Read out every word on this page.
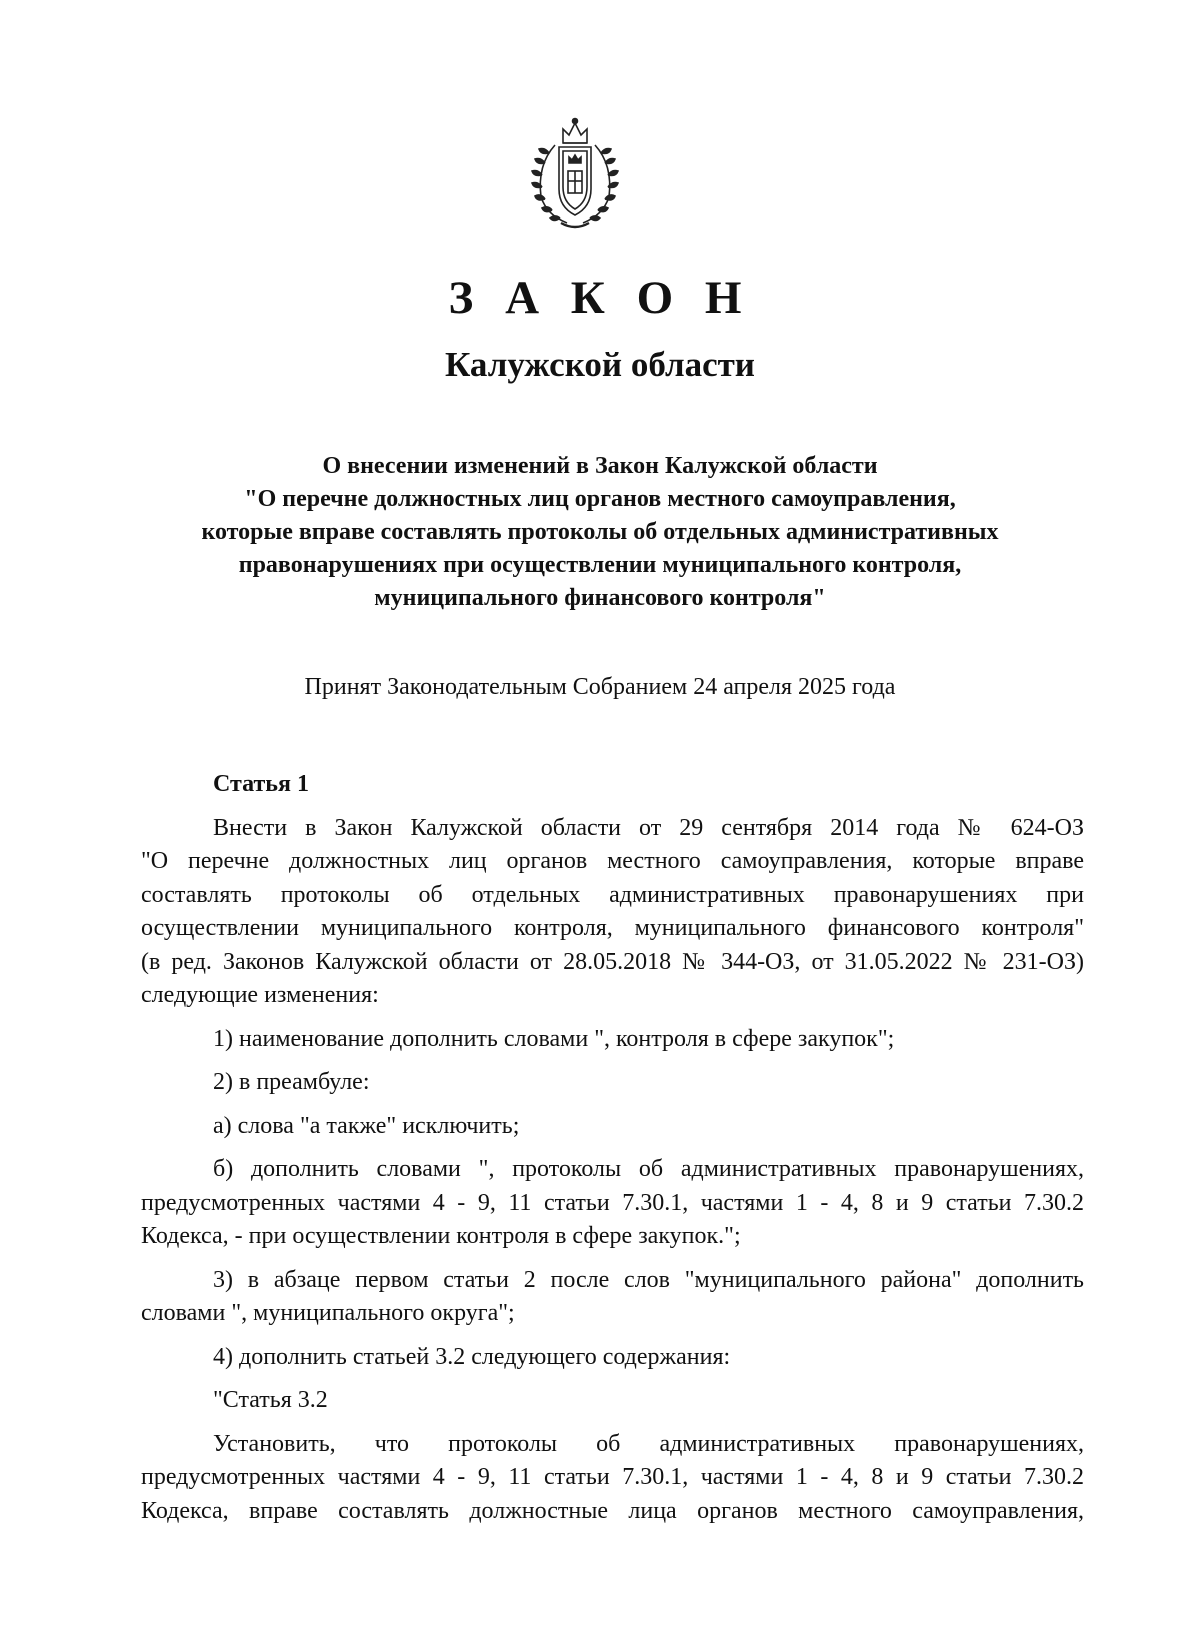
З А К О Н
Калужской области
О внесении изменений в Закон Калужской области
"О перечне должностных лиц органов местного самоуправления,
которые вправе составлять протоколы об отдельных административных
правонарушениях при осуществлении муниципального контроля,
муниципального финансового контроля"
Принят Законодательным Собранием 24 апреля 2025 года
Статья 1
Внести в Закон Калужской области от 29 сентября 2014 года № 624-ОЗ
"О перечне должностных лиц органов местного самоуправления, которые вправе
составлять протоколы об отдельных административных правонарушениях при
осуществлении муниципального контроля, муниципального финансового контроля"
(в ред. Законов Калужской области от 28.05.2018 № 344-ОЗ, от 31.05.2022 № 231-ОЗ)
следующие изменения:
1) наименование дополнить словами ", контроля в сфере закупок";
2) в преамбуле:
а) слова "а также" исключить;
б) дополнить словами ", протоколы об административных правонарушениях,
предусмотренных частями 4 - 9, 11 статьи 7.30.1, частями 1 - 4, 8 и 9 статьи 7.30.2
Кодекса, - при осуществлении контроля в сфере закупок.";
3) в абзаце первом статьи 2 после слов "муниципального района" дополнить
словами ", муниципального округа";
4) дополнить статьей 3.2 следующего содержания:
"Статья 3.2
Установить, что протоколы об административных правонарушениях,
предусмотренных частями 4 - 9, 11 статьи 7.30.1, частями 1 - 4, 8 и 9 статьи 7.30.2
Кодекса, вправе составлять должностные лица органов местного самоуправления,
